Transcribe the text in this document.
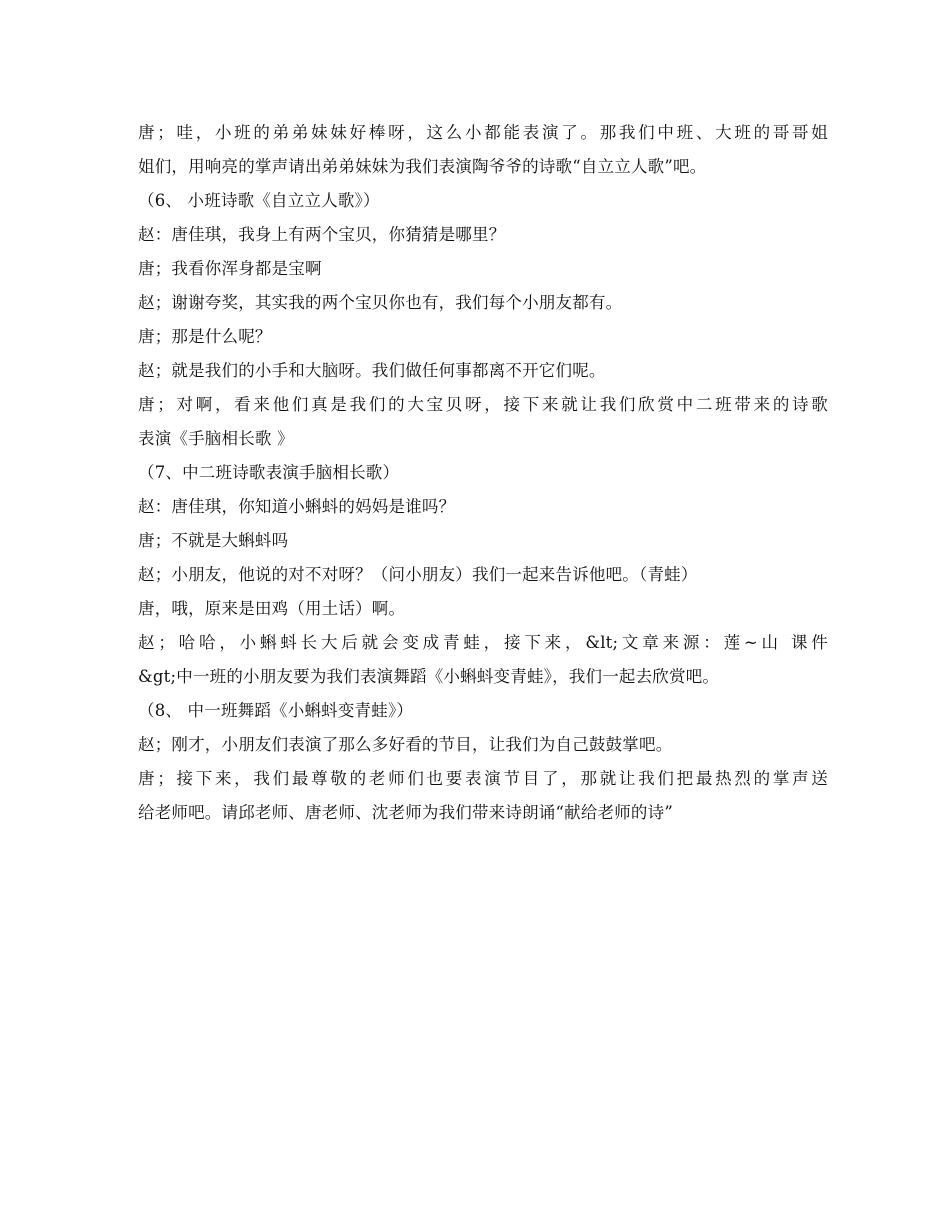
唐；哇，小班的弟弟妹妹好棒呀，这么小都能表演了。那我们中班、大班的哥哥姐
姐们，用响亮的掌声请出弟弟妹妹为我们表演陶爷爷的诗歌“自立立人歌”吧。
（6、 小班诗歌《自立立人歌》）
赵：唐佳琪，我身上有两个宝贝，你猜猜是哪里？
唐；我看你浑身都是宝啊
赵；谢谢夸奖，其实我的两个宝贝你也有，我们每个小朋友都有。
唐；那是什么呢？
赵；就是我们的小手和大脑呀。我们做任何事都离不开它们呢。
唐；对啊，看来他们真是我们的大宝贝呀，接下来就让我们欣赏中二班带来的诗歌
表演《手脑相长歌 》
（7、中二班诗歌表演手脑相长歌）
赵：唐佳琪，你知道小蝌蚪的妈妈是谁吗？
唐；不就是大蝌蚪吗
赵；小朋友，他说的对不对呀？（问小朋友）我们一起来告诉他吧。（青蛙）
唐，哦，原来是田鸡（用土话）啊。
赵；哈哈，小蝌蚪长大后就会变成青蛙，接下来，&lt;文章来源：莲~山 课件
&gt;中一班的小朋友要为我们表演舞蹈《小蝌蚪变青蛙》，我们一起去欣赏吧。
（8、 中一班舞蹈《小蝌蚪变青蛙》）
赵；刚才，小朋友们表演了那么多好看的节目，让我们为自己鼓鼓掌吧。
唐；接下来，我们最尊敬的老师们也要表演节目了，那就让我们把最热烈的掌声送
给老师吧。请邱老师、唐老师、沈老师为我们带来诗朗诵“献给老师的诗”
